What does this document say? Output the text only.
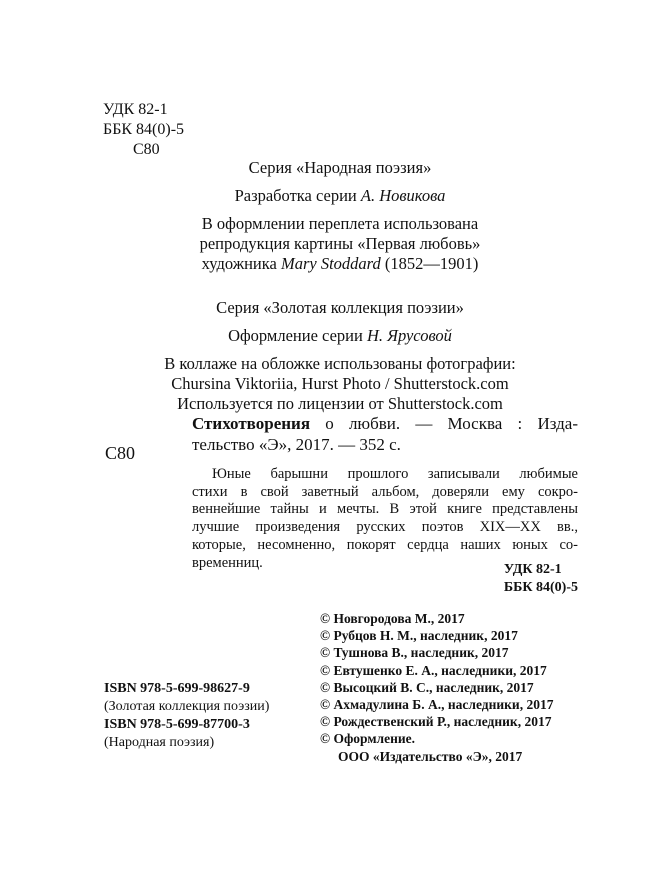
УДК 82-1
ББК 84(0)-5
С80
Серия «Народная поэзия»
Разработка серии А. Новикова
В оформлении переплета использована
репродукция картины «Первая любовь»
художника Mary Stoddard (1852—1901)
Серия «Золотая коллекция поэзии»
Оформление серии Н. Ярусовой
В коллаже на обложке использованы фотографии:
Chursina Viktoriia, Hurst Photo / Shutterstock.com
Используется по лицензии от Shutterstock.com
С80
Стихотворения о любви. — Москва : Изда-
тельство «Э», 2017. — 352 с.
Юные барышни прошлого записывали любимые
стихи в свой заветный альбом, доверяли ему сокро-
веннейшие тайны и мечты. В этой книге представлены
лучшие произведения русских поэтов XIX—XX вв.,
которые, несомненно, покорят сердца наших юных со-
временниц.	УДК 82-1
ББК 84(0)-5
© Новгородова М., 2017
© Рубцов Н. М., наследник, 2017
© Тушнова В., наследник, 2017
© Евтушенко Е. А., наследники, 2017
© Высоцкий В. С., наследник, 2017
© Ахмадулина Б. А., наследники, 2017
© Рождественский Р., наследник, 2017
© Оформление.
ООО «Издательство «Э», 2017
ISBN 978-5-699-98627-9
(Золотая коллекция поэзии)
ISBN 978-5-699-87700-3
(Народная поэзия)
